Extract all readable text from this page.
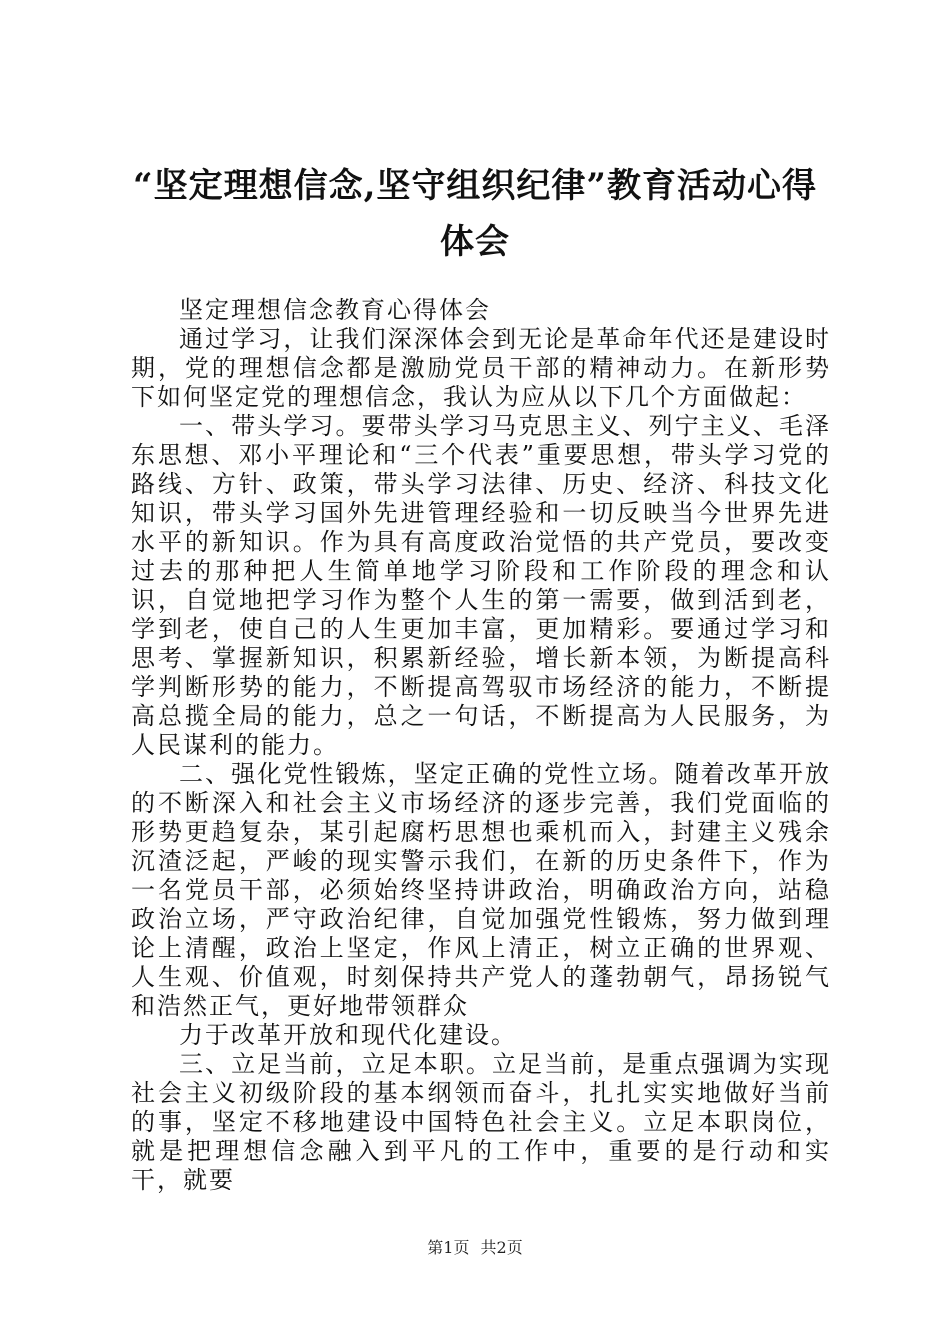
“坚定理想信念,坚守组织纪律”教育活动心得体会

坚定理想信念教育心得体会

通过学习，让我们深深体会到无论是革命年代还是建设时期，党的理想信念都是激励党员干部的精神动力。在新形势下如何坚定党的理想信念，我认为应从以下几个方面做起：

一、带头学习。要带头学习马克思主义、列宁主义、毛泽东思想、邓小平理论和“三个代表”重要思想，带头学习党的路线、方针、政策，带头学习法律、历史、经济、科技文化知识，带头学习国外先进管理经验和一切反映当今世界先进水平的新知识。作为具有高度政治觉悟的共产党员，要改变过去的那种把人生简单地学习阶段和工作阶段的理念和认识，自觉地把学习作为整个人生的第一需要，做到活到老，学到老，使自己的人生更加丰富，更加精彩。要通过学习和思考、掌握新知识，积累新经验，增长新本领，为断提高科学判断形势的能力，不断提高驾驭市场经济的能力，不断提高总揽全局的能力，总之一句话，不断提高为人民服务，为人民谋利的能力。

二、强化党性锻炼，坚定正确的党性立场。随着改革开放的不断深入和社会主义市场经济的逐步完善，我们党面临的形势更趋复杂，某引起腐朽思想也乘机而入，封建主义残余沉渣泛起，严峻的现实警示我们，在新的历史条件下，作为一名党员干部，必须始终坚持讲政治，明确政治方向，站稳政治立场，严守政治纪律，自觉加强党性锻炼，努力做到理论上清醒，政治上坚定，作风上清正，树立正确的世界观、人生观、价值观，时刻保持共产党人的蓬勃朝气，昂扬锐气和浩然正气，更好地带领群众

力于改革开放和现代化建设。

三、立足当前，立足本职。立足当前，是重点强调为实现社会主义初级阶段的基本纲领而奋斗，扎扎实实地做好当前的事，坚定不移地建设中国特色社会主义。立足本职岗位，就是把理想信念融入到平凡的工作中，重要的是行动和实干，就要

第1页 共2页
